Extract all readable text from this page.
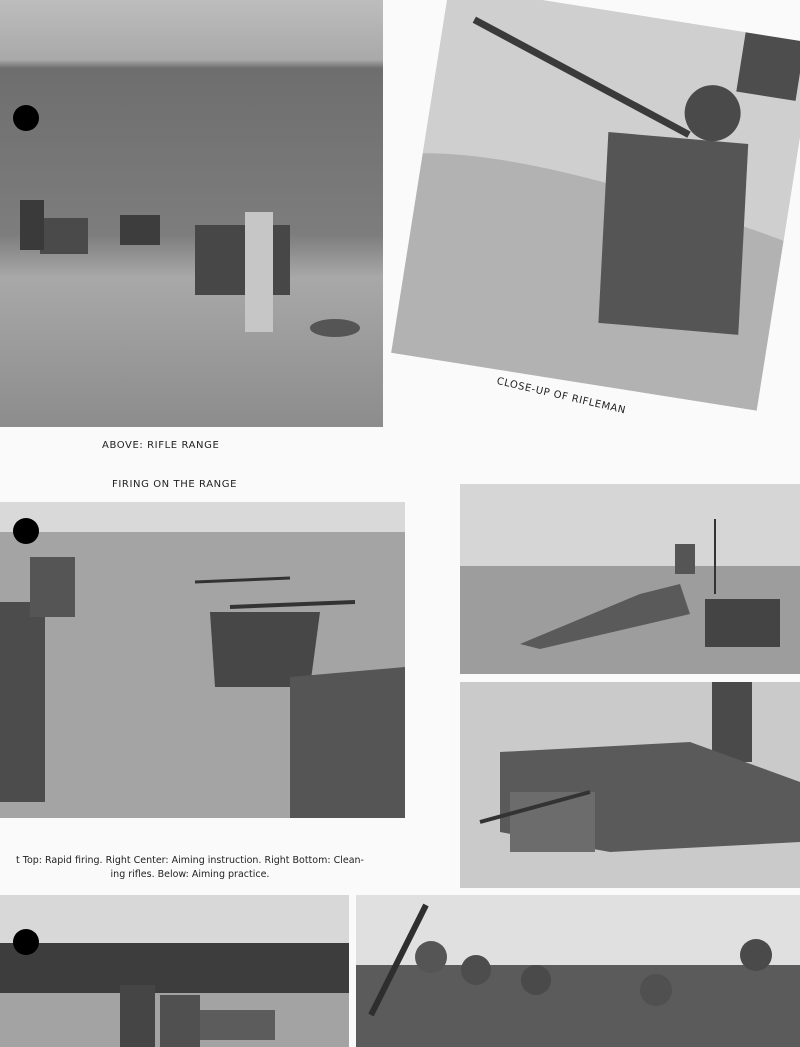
CLOSE-UP OF RIFLEMAN
ABOVE: RIFLE RANGE
FIRING ON THE RANGE
t Top: Rapid firing. Right Center: Aiming instruction. Right Bottom: Clean-
ing rifles. Below: Aiming practice.
